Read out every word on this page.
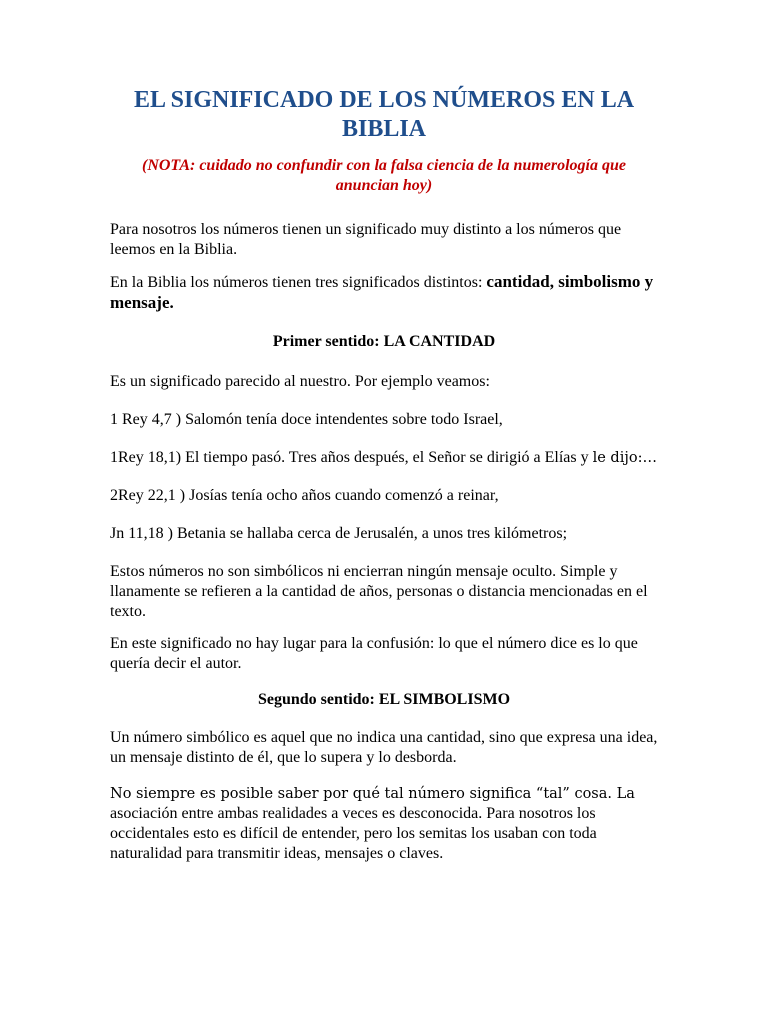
EL SIGNIFICADO DE LOS NÚMEROS EN LA BIBLIA

(NOTA: cuidado no confundir con la falsa ciencia de la numerología que anuncian hoy)

Para nosotros los números tienen un significado muy distinto a los números que leemos en la Biblia.

En la Biblia los números tienen tres significados distintos: cantidad, simbolismo y mensaje.

Primer sentido: LA CANTIDAD

Es un significado parecido al nuestro. Por ejemplo veamos:

1 Rey 4,7 ) Salomón tenía doce intendentes sobre todo Israel,

1Rey 18,1) El tiempo pasó. Tres años después, el Señor se dirigió a Elías y le dijo:…

2Rey 22,1 ) Josías tenía ocho años cuando comenzó a reinar,

Jn 11,18 ) Betania se hallaba cerca de Jerusalén, a unos tres kilómetros;

Estos números no son simbólicos ni encierran ningún mensaje oculto. Simple y llanamente se refieren a la cantidad de años, personas o distancia mencionadas en el texto.

En este significado no hay lugar para la confusión: lo que el número dice es lo que quería decir el autor.

Segundo sentido: EL SIMBOLISMO

Un número simbólico es aquel que no indica una cantidad, sino que expresa una idea, un mensaje distinto de él, que lo supera y lo desborda.

No siempre es posible saber por qué tal número significa “tal” cosa. La asociación entre ambas realidades a veces es desconocida. Para nosotros los occidentales esto es difícil de entender, pero los semitas los usaban con toda naturalidad para transmitir ideas, mensajes o claves.
